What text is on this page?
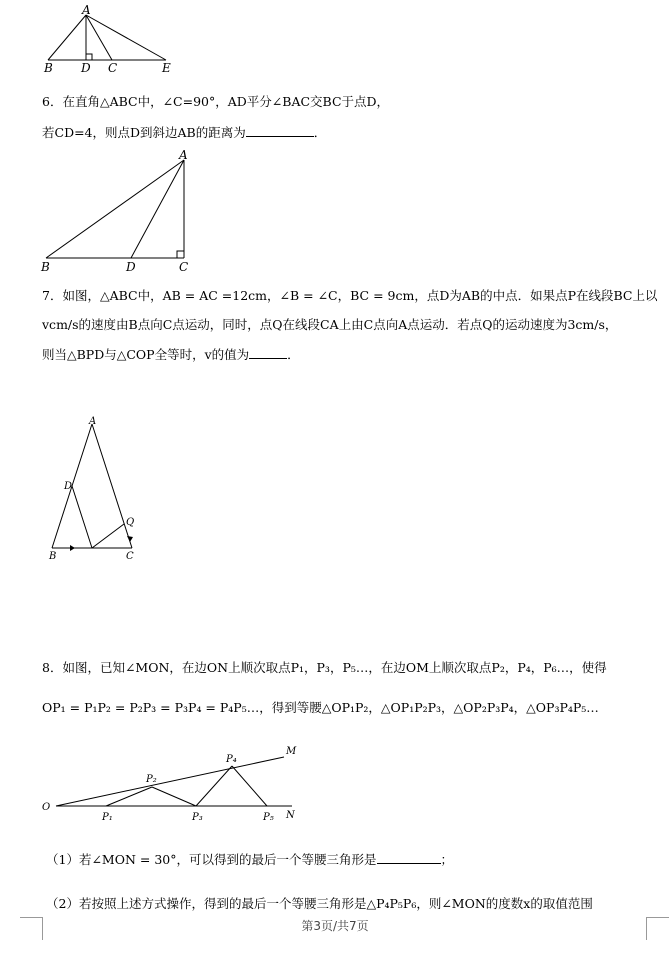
A
B D C	E
6．在直角△ABC中，∠C=90°，AD平分∠BAC交BC于点D，
若CD=4，则点D到斜边AB的距离为	．
A
B	D	C
7．如图，△ABC中，AB = AC =12cm，∠B = ∠C，BC = 9cm，点D为AB的中点．如果点P在线段BC上以
vcm/s的速度由B点向C点运动，同时，点Q在线段CA上由C点向A点运动．若点Q的运动速度为3cm/s，
则当△BPD与△COP全等时，v的值为	．
A
D
Q
B	C
8．如图，已知∠MON，在边ON上顺次取点P₁，P₃，P₅…，在边OM上顺次取点P₂，P₄，P₆…，使得
OP₁ = P₁P₂ = P₂P₃ = P₃P₄ = P₄P₅…，得到等腰△OP₁P₂，△OP₁P₂P₃，△OP₂P₃P₄，△OP₃P₄P₅…
M
O
N
P₂
P₄
P₁	P₃	P₅
（1）若∠MON = 30°，可以得到的最后一个等腰三角形是	；
（2）若按照上述方式操作，得到的最后一个等腰三角形是△P₄P₅P₆，则∠MON的度数x的取值范围
第3页/共7页
